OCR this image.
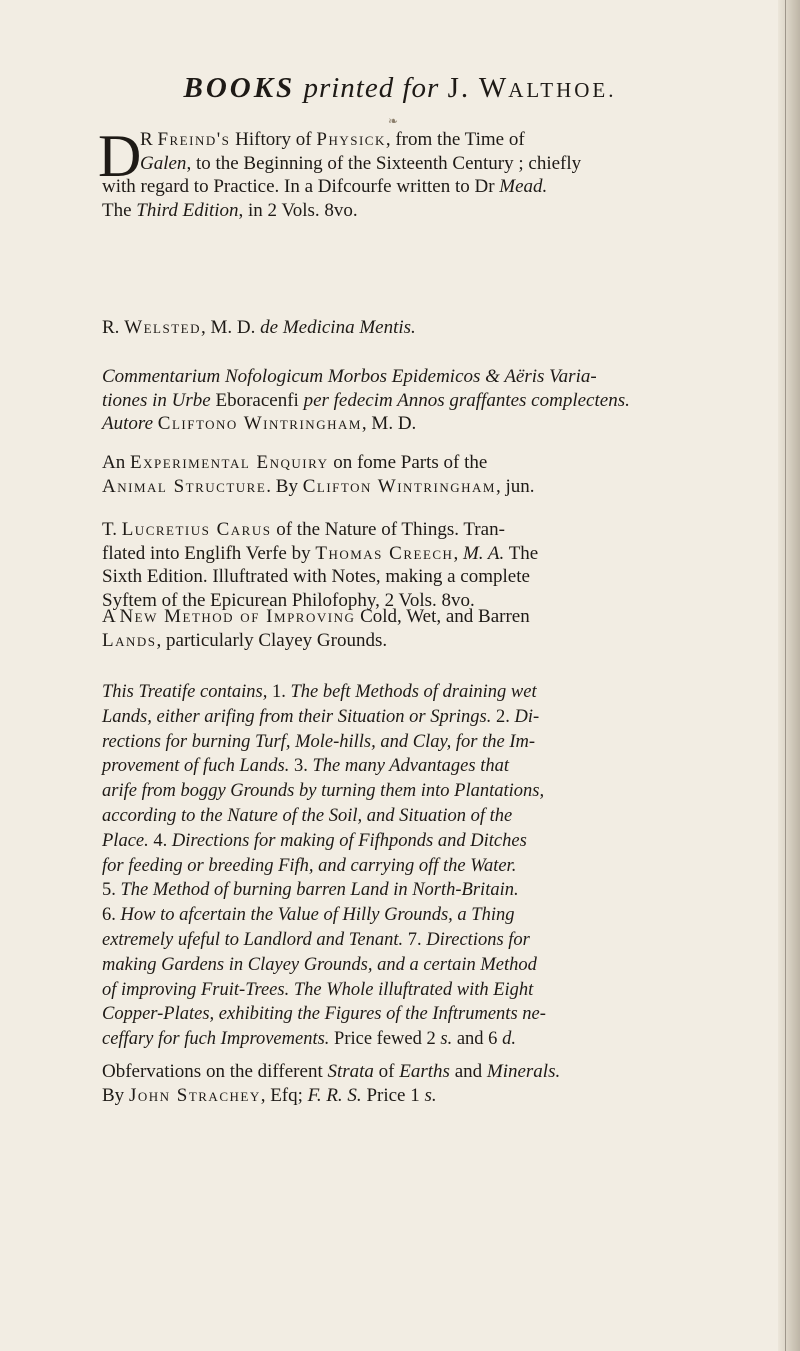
BOOKS printed for J. WALTHOE.
❧
D
R Freind's Hiftory of Physick, from the Time of
Galen, to the Beginning of the Sixteenth Century ; chiefly
with regard to Practice. In a Difcourfe written to Dr Mead.
The Third Edition, in 2 Vols. 8vo.
R. Welsted, M. D. de Medicina Mentis.
Commentarium Nofologicum Morbos Epidemicos & Aëris Varia-
tiones in Urbe Eboracenfi per fedecim Annos graffantes complectens.
Autore Cliftono Wintringham, M. D.
An Experimental Enquiry on fome Parts of the
Animal Structure. By Clifton Wintringham, jun.
T. Lucretius Carus of the Nature of Things. Tran-
flated into Englifh Verfe by Thomas Creech, M. A. The
Sixth Edition. Illuftrated with Notes, making a complete
Syftem of the Epicurean Philofophy, 2 Vols. 8vo.
A New Method of Improving Cold, Wet, and Barren
Lands, particularly Clayey Grounds.
This Treatife contains, 1. The beft Methods of draining wet
Lands, either arifing from their Situation or Springs. 2. Di-
rections for burning Turf, Mole-hills, and Clay, for the Im-
provement of fuch Lands. 3. The many Advantages that
arife from boggy Grounds by turning them into Plantations,
according to the Nature of the Soil, and Situation of the
Place. 4. Directions for making of Fifhponds and Ditches
for feeding or breeding Fifh, and carrying off the Water.
5. The Method of burning barren Land in North-Britain.
6. How to afcertain the Value of Hilly Grounds, a Thing
extremely ufeful to Landlord and Tenant. 7. Directions for
making Gardens in Clayey Grounds, and a certain Method
of improving Fruit-Trees. The Whole illuftrated with Eight
Copper-Plates, exhibiting the Figures of the Inftruments ne-
ceffary for fuch Improvements. Price fewed 2 s. and 6 d.
Obfervations on the different Strata of Earths and Minerals.
By John Strachey, Efq; F. R. S. Price 1 s.
